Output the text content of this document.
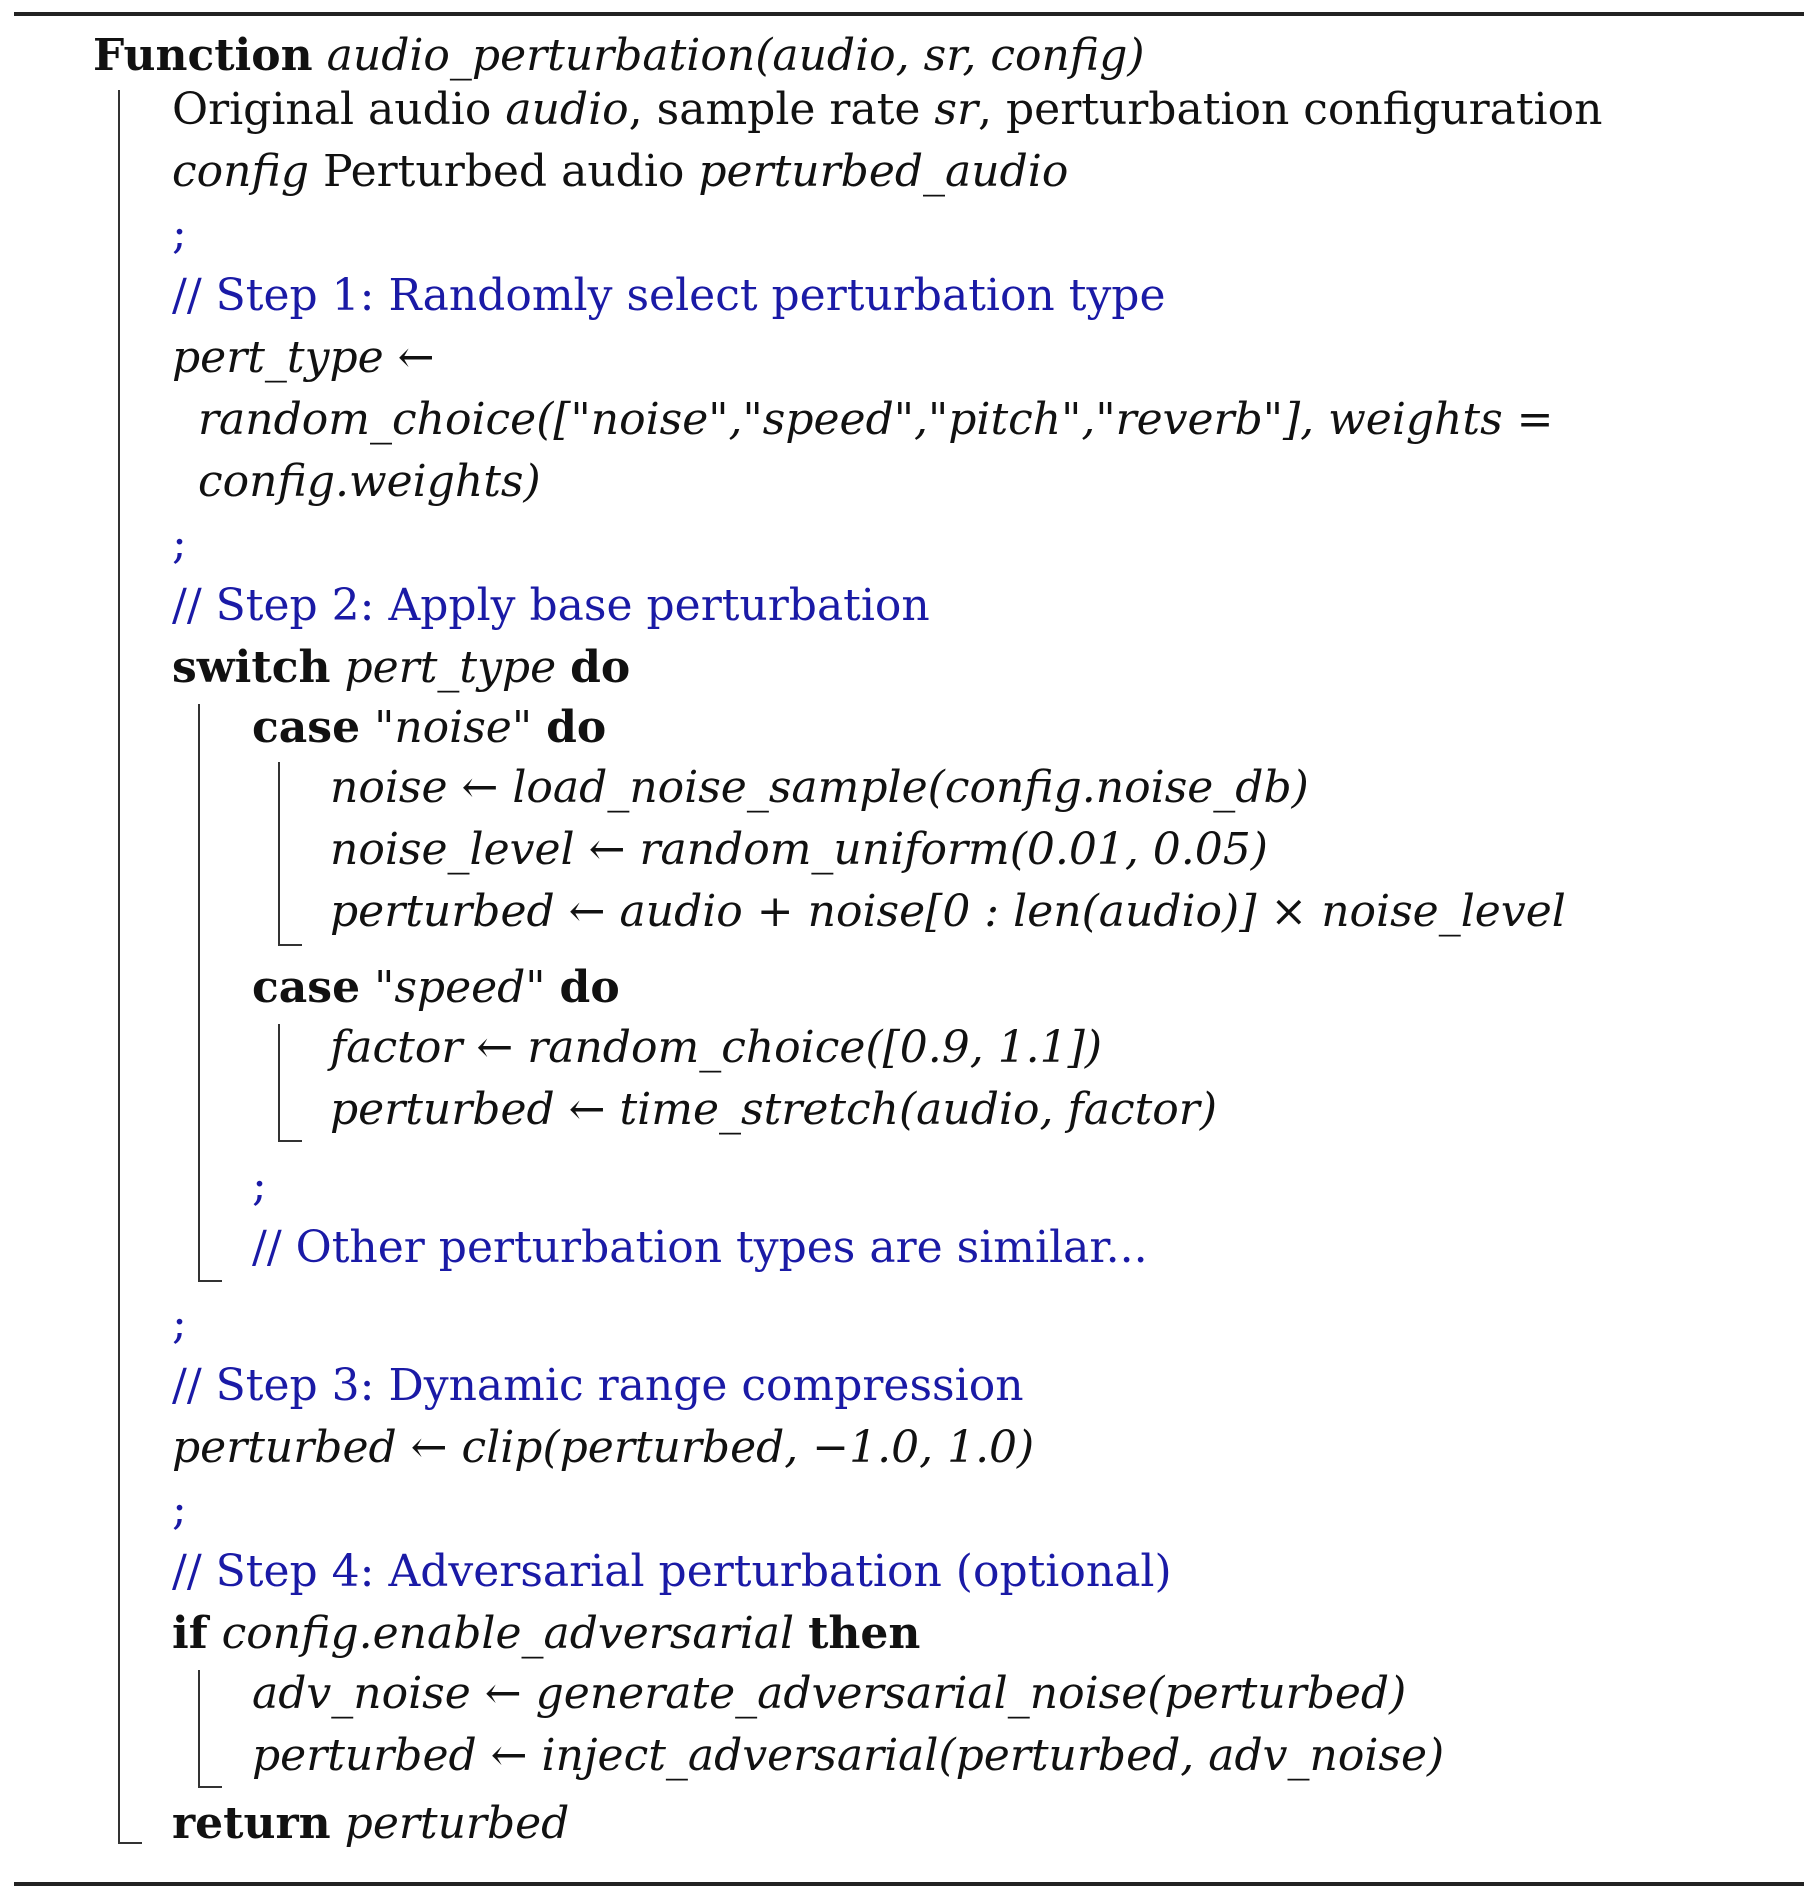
Function audio_perturbation(audio, sr, config)
Original audio audio, sample rate sr, perturbation configuration
config Perturbed audio perturbed_audio
;
// Step 1: Randomly select perturbation type
pert_type ←
random_choice(["noise","speed","pitch","reverb"], weights =
config.weights)
;
// Step 2: Apply base perturbation
switch pert_type do
case "noise" do
noise ← load_noise_sample(config.noise_db)
noise_level ← random_uniform(0.01, 0.05)
perturbed ← audio + noise[0 : len(audio)] × noise_level
case "speed" do
factor ← random_choice([0.9, 1.1])
perturbed ← time_stretch(audio, factor)
;
// Other perturbation types are similar...
;
// Step 3: Dynamic range compression
perturbed ← clip(perturbed, −1.0, 1.0)
;
// Step 4: Adversarial perturbation (optional)
if config.enable_adversarial then
adv_noise ← generate_adversarial_noise(perturbed)
perturbed ← inject_adversarial(perturbed, adv_noise)
return perturbed
